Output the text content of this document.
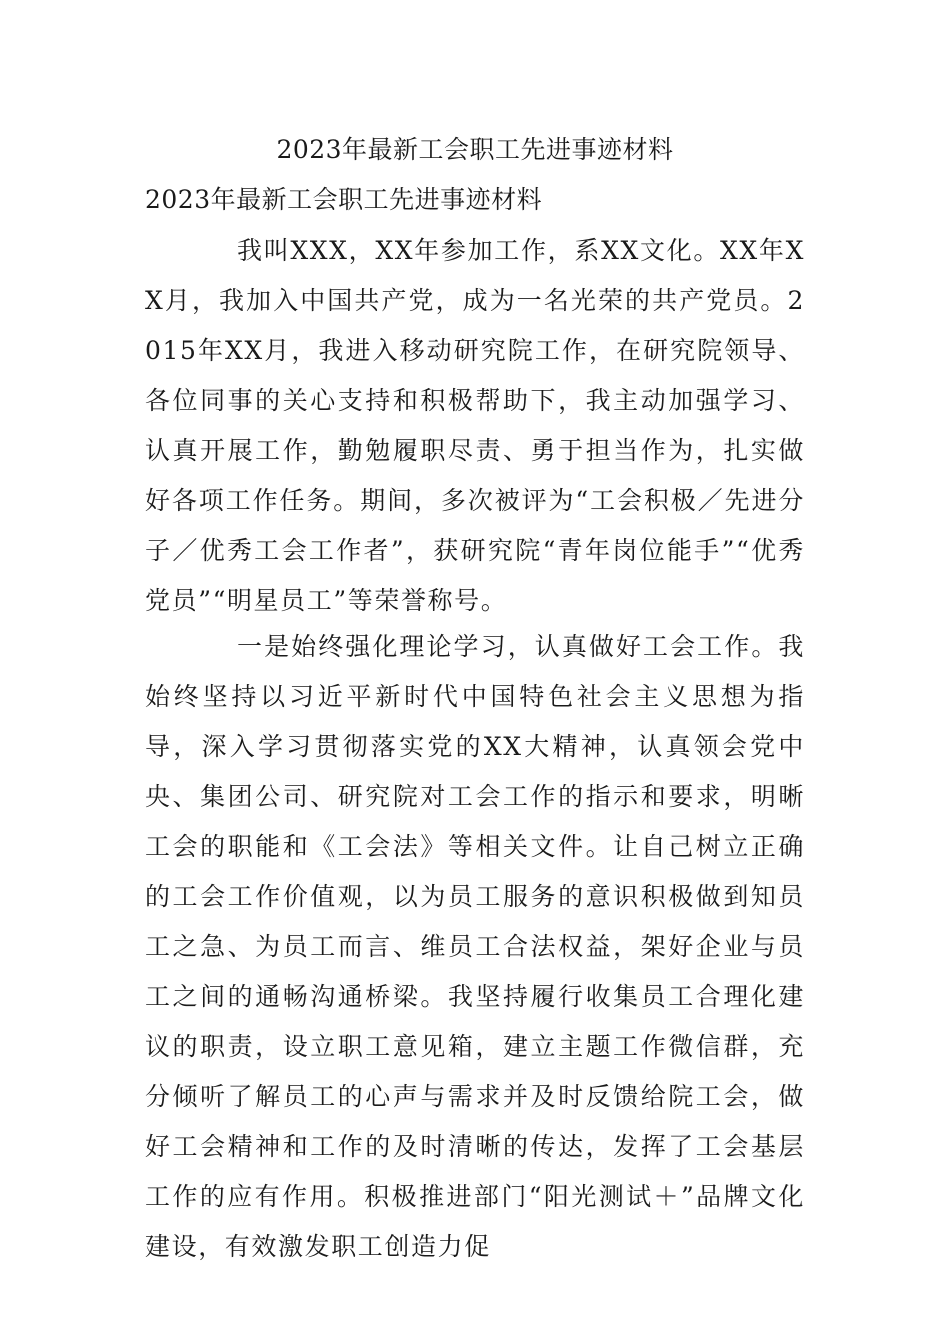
2023年最新工会职工先进事迹材料
2023年最新工会职工先进事迹材料

我叫XXX，XX年参加工作，系XX文化。XX年XX月，我加入中国共产党，成为一名光荣的共产党员。2015年XX月，我进入移动研究院工作，在研究院领导、各位同事的关心支持和积极帮助下，我主动加强学习、认真开展工作，勤勉履职尽责、勇于担当作为，扎实做好各项工作任务。期间，多次被评为“工会积极／先进分子／优秀工会工作者”，获研究院“青年岗位能手”“优秀党员”“明星员工”等荣誉称号。

一是始终强化理论学习，认真做好工会工作。我始终坚持以习近平新时代中国特色社会主义思想为指导，深入学习贯彻落实党的XX大精神，认真领会党中央、集团公司、研究院对工会工作的指示和要求，明晰工会的职能和《工会法》等相关文件。让自己树立正确的工会工作价值观，以为员工服务的意识积极做到知员工之急、为员工而言、维员工合法权益，架好企业与员工之间的通畅沟通桥梁。我坚持履行收集员工合理化建议的职责，设立职工意见箱，建立主题工作微信群，充分倾听了解员工的心声与需求并及时反馈给院工会，做好工会精神和工作的及时清晰的传达，发挥了工会基层工作的应有作用。积极推进部门“阳光测试＋”品牌文化建设，有效激发职工创造力促
